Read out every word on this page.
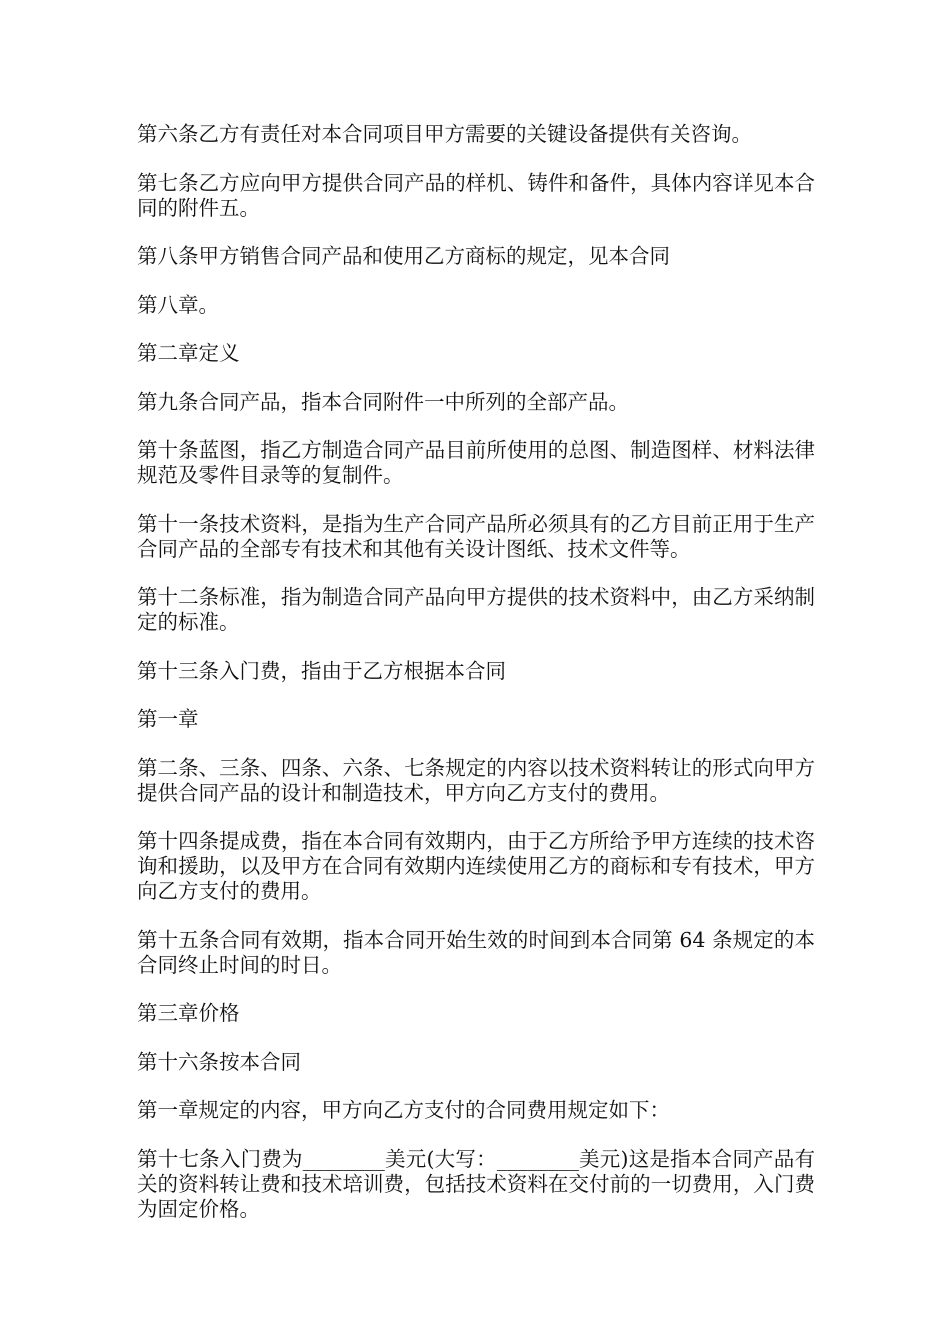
第六条乙方有责任对本合同项目甲方需要的关键设备提供有关咨询。

第七条乙方应向甲方提供合同产品的样机、铸件和备件，具体内容详见本合同的附件五。

第八条甲方销售合同产品和使用乙方商标的规定，见本合同

第八章。

第二章定义

第九条合同产品，指本合同附件一中所列的全部产品。

第十条蓝图，指乙方制造合同产品目前所使用的总图、制造图样、材料法律规范及零件目录等的复制件。

第十一条技术资料，是指为生产合同产品所必须具有的乙方目前正用于生产合同产品的全部专有技术和其他有关设计图纸、技术文件等。

第十二条标准，指为制造合同产品向甲方提供的技术资料中，由乙方采纳制定的标准。

第十三条入门费，指由于乙方根据本合同

第一章

第二条、三条、四条、六条、七条规定的内容以技术资料转让的形式向甲方提供合同产品的设计和制造技术，甲方向乙方支付的费用。

第十四条提成费，指在本合同有效期内，由于乙方所给予甲方连续的技术咨询和援助，以及甲方在合同有效期内连续使用乙方的商标和专有技术，甲方向乙方支付的费用。

第十五条合同有效期，指本合同开始生效的时间到本合同第 64 条规定的本合同终止时间的时日。

第三章价格

第十六条按本合同

第一章规定的内容，甲方向乙方支付的合同费用规定如下：

第十七条入门费为________美元(大写：________美元)这是指本合同产品有关的资料转让费和技术培训费，包括技术资料在交付前的一切费用，入门费为固定价格。
